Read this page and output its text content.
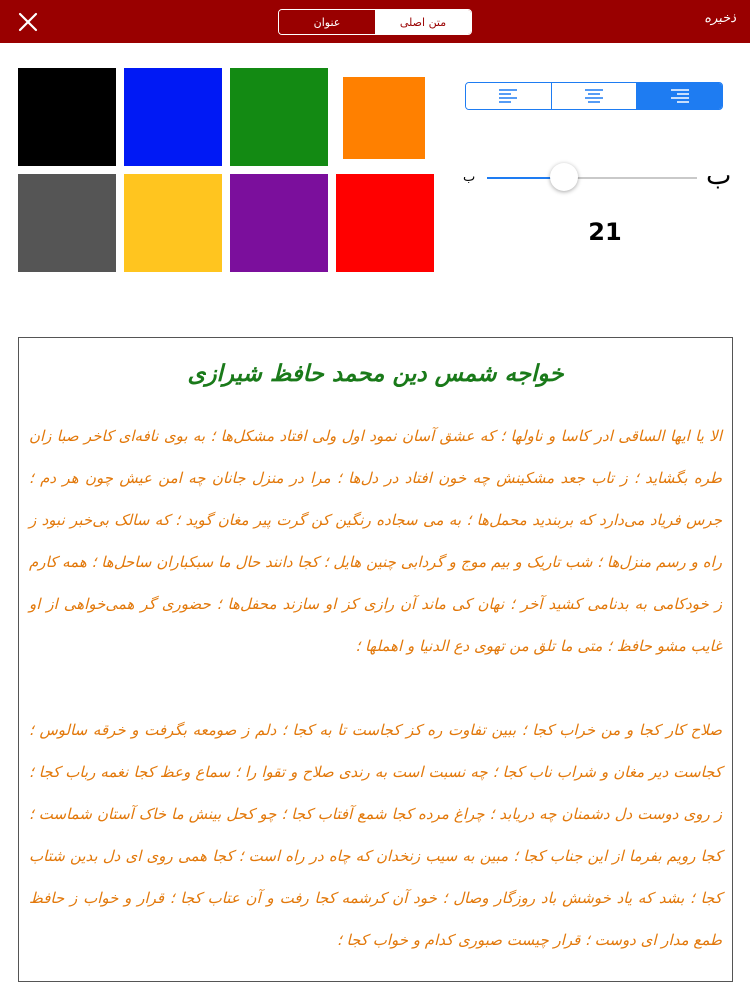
عنوان	متن اصلی	ذخیره
ب	ب
21
خواجه شمس دین محمد حافظ شیرازی

الا یا ایها الساقی ادر کاسا و ناولها ؛ که عشق آسان نمود اول ولی افتاد مشکل‌ها ؛ به بوی نافه‌ای کاخر صبا زان طره بگشاید ؛ ز تاب جعد مشکینش چه خون افتاد در دل‌ها ؛ مرا در منزل جانان چه امن عیش چون هر دم ؛ جرس فریاد می‌دارد که بربندید محمل‌ها ؛ به می سجاده رنگین کن گرت پیر مغان گوید ؛ که سالک بی‌خبر نبود ز راه و رسم منزل‌ها ؛ شب تاریک و بیم موج و گردابی چنین هایل ؛ کجا دانند حال ما سبکباران ساحل‌ها ؛ همه کارم ز خودکامی به بدنامی کشید آخر ؛ نهان کی ماند آن رازی کز او سازند محفل‌ها ؛ حضوری گر همی‌خواهی از او غایب مشو حافظ ؛ متی ما تلق من تهوی دع الدنیا و اهملها ؛

صلاح کار کجا و من خراب کجا ؛ ببین تفاوت ره کز کجاست تا به کجا ؛ دلم ز صومعه بگرفت و خرقه سالوس ؛ کجاست دیر مغان و شراب ناب کجا ؛ چه نسبت است به رندی صلاح و تقوا را ؛ سماع وعظ کجا نغمه رباب کجا ؛ ز روی دوست دل دشمنان چه دریابد ؛ چراغ مرده کجا شمع آفتاب کجا ؛ چو کحل بینش ما خاک آستان شماست ؛ کجا رویم بفرما از این جناب کجا ؛ مبین به سیب زنخدان که چاه در راه است ؛ کجا همی روی ای دل بدین شتاب کجا ؛ بشد که یاد خوشش باد روزگار وصال ؛ خود آن کرشمه کجا رفت و آن عتاب کجا ؛ قرار و خواب ز حافظ طمع مدار ای دوست ؛ قرار چیست صبوری کدام و خواب کجا ؛
